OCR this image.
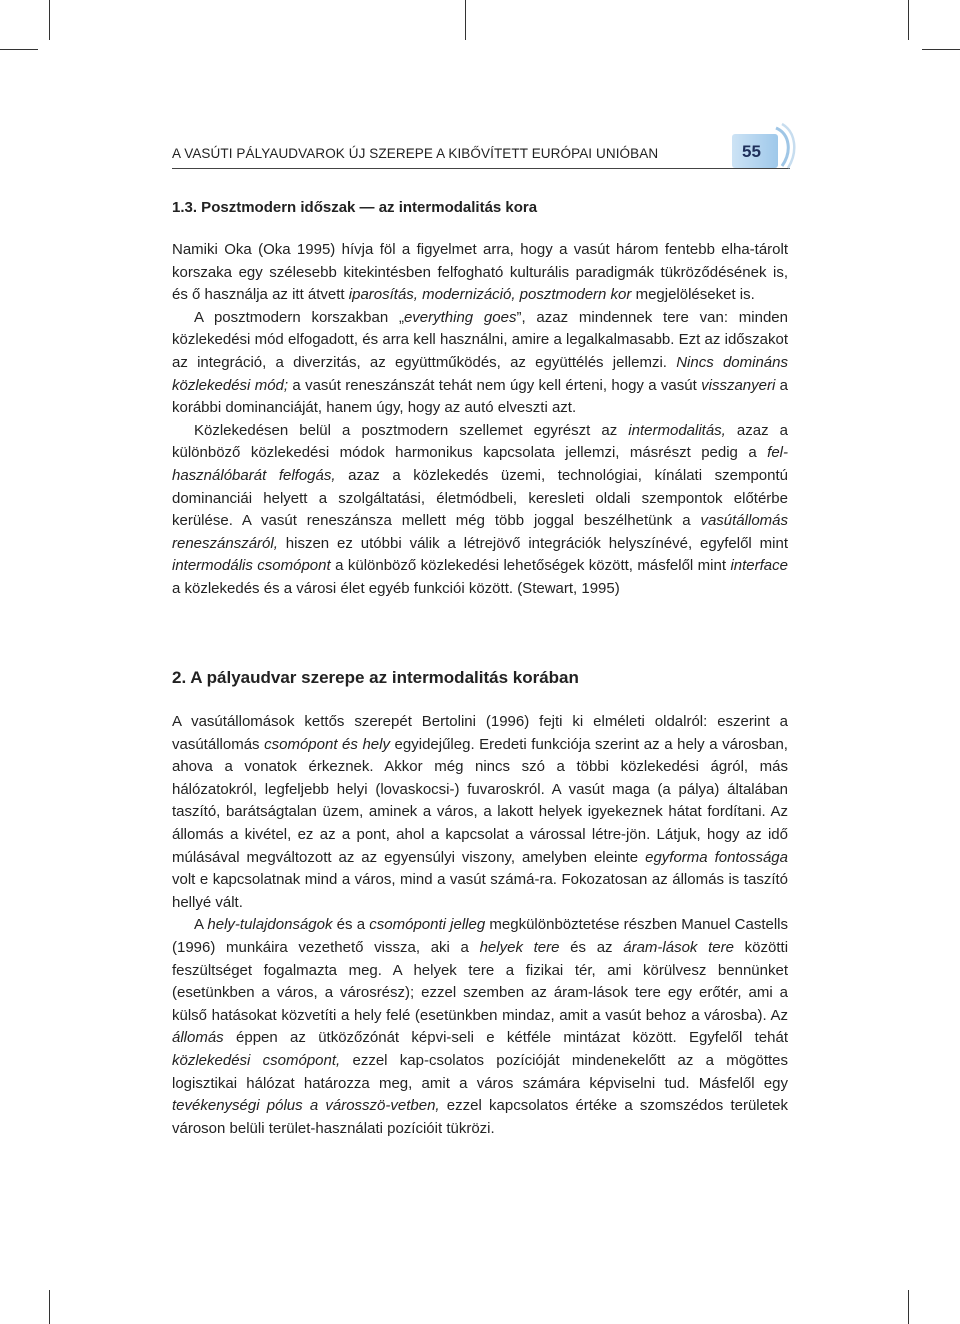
A VASÚTI PÁLYAUDVAROK ÚJ SZEREPE A KIBŐVÍTETT EURÓPAI UNIÓBAN	55
1.3. Posztmodern időszak — az intermodalitás kora

Namiki Oka (Oka 1995) hívja föl a figyelmet arra, hogy a vasút három fentebb elha-tárolt korszaka egy szélesebb kitekintésben felfogható kulturális paradigmák tükröződésének is, és ő használja az itt átvett iparosítás, modernizáció, posztmodern kor megjelöléseket is.

A posztmodern korszakban „everything goes”, azaz mindennek tere van: minden közlekedési mód elfogadott, és arra kell használni, amire a legalkalmasabb. Ezt az időszakot az integráció, a diverzitás, az együttműködés, az együttélés jellemzi. Nincs domináns közlekedési mód; a vasút reneszánszát tehát nem úgy kell érteni, hogy a vasút visszanyeri a korábbi dominanciáját, hanem úgy, hogy az autó elveszti azt.

Közlekedésen belül a posztmodern szellemet egyrészt az intermodalitás, azaz a különböző közlekedési módok harmonikus kapcsolata jellemzi, másrészt pedig a fel-használóbarát felfogás, azaz a közlekedés üzemi, technológiai, kínálati szempontú dominanciái helyett a szolgáltatási, életmódbeli, keresleti oldali szempontok előtérbe kerülése. A vasút reneszánsza mellett még több joggal beszélhetünk a vasútállomás reneszánszáról, hiszen ez utóbbi válik a létrejövő integrációk helyszínévé, egyfelől mint intermodális csomópont a különböző közlekedési lehetőségek között, másfelől mint interface a közlekedés és a városi élet egyéb funkciói között. (Stewart, 1995)

2. A pályaudvar szerepe az intermodalitás korában

A vasútállomások kettős szerepét Bertolini (1996) fejti ki elméleti oldalról: eszerint a vasútállomás csomópont és hely egyidejűleg. Eredeti funkciója szerint az a hely a városban, ahova a vonatok érkeznek. Akkor még nincs szó a többi közlekedési ágról, más hálózatokról, legfeljebb helyi (lovaskocsi-) fuvaroskról. A vasút maga (a pálya) általában taszító, barátságtalan üzem, aminek a város, a lakott helyek igyekeznek hátat fordítani. Az állomás a kivétel, ez az a pont, ahol a kapcsolat a várossal létre-jön. Látjuk, hogy az idő múlásával megváltozott az az egyensúlyi viszony, amelyben eleinte egyforma fontossága volt e kapcsolatnak mind a város, mind a vasút számá-ra. Fokozatosan az állomás is taszító hellyé vált.

A hely-tulajdonságok és a csomóponti jelleg megkülönböztetése részben Manuel Castells (1996) munkáira vezethető vissza, aki a helyek tere és az áram-lások tere közötti feszültséget fogalmazta meg. A helyek tere a fizikai tér, ami körülvesz bennünket (esetünkben a város, a városrész); ezzel szemben az áram-lások tere egy erőtér, ami a külső hatásokat közvetíti a hely felé (esetünkben mindaz, amit a vasút behoz a városba). Az állomás éppen az ütközőzónát képvi-seli e kétféle mintázat között. Egyfelől tehát közlekedési csomópont, ezzel kap-csolatos pozícióját mindenekelőtt az a mögöttes logisztikai hálózat határozza meg, amit a város számára képviselni tud. Másfelől egy tevékenységi pólus a városszö-vetben, ezzel kapcsolatos értéke a szomszédos területek városon belüli terület-használati pozícióit tükrözi.
